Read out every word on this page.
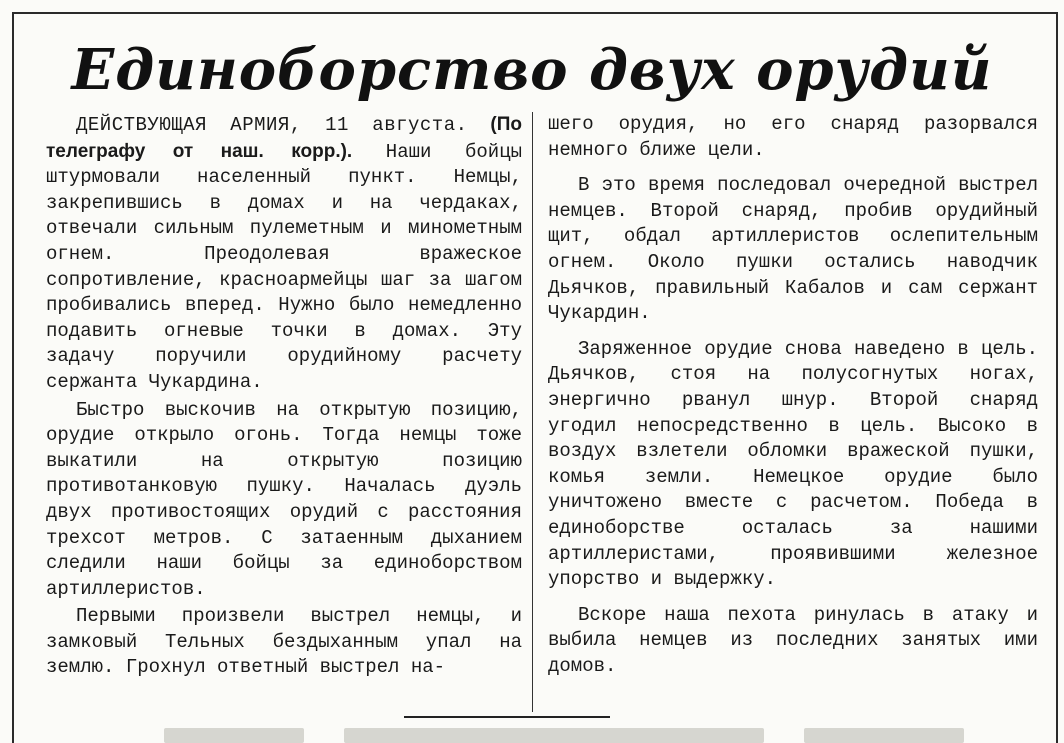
Единоборство двух орудий

ДЕЙСТВУЮЩАЯ АРМИЯ, 11 августа. (По телеграфу от наш. корр.). Наши бойцы штурмовали населенный пункт. Немцы, закрепившись в домах и на чердаках, отвечали сильным пулеметным и минометным огнем. Преодолевая вражеское сопротивление, красноармейцы шаг за шагом пробивались вперед. Нужно было немедленно подавить огневые точки в домах. Эту задачу поручили орудийному расчету сержанта Чукардина.

Быстро выскочив на открытую позицию, орудие открыло огонь. Тогда немцы тоже выкатили на открытую позицию противотанковую пушку. Началась дуэль двух противостоящих орудий с расстояния трехсот метров. С затаенным дыханием следили наши бойцы за единоборством артиллеристов.

Первыми произвели выстрел немцы, и замковый Тельных бездыханным упал на землю. Грохнул ответный выстрел на-

шего орудия, но его снаряд разорвался немного ближе цели.

В это время последовал очередной выстрел немцев. Второй снаряд, пробив орудийный щит, обдал артиллеристов ослепительным огнем. Около пушки остались наводчик Дьячков, правильный Кабалов и сам сержант Чукардин.

Заряженное орудие снова наведено в цель. Дьячков, стоя на полусогнутых ногах, энергично рванул шнур. Второй снаряд угодил непосредственно в цель. Высоко в воздух взлетели обломки вражеской пушки, комья земли. Немецкое орудие было уничтожено вместе с расчетом. Победа в единоборстве осталась за нашими артиллеристами, проявившими железное упорство и выдержку.

Вскоре наша пехота ринулась в атаку и выбила немцев из последних занятых ими домов.
